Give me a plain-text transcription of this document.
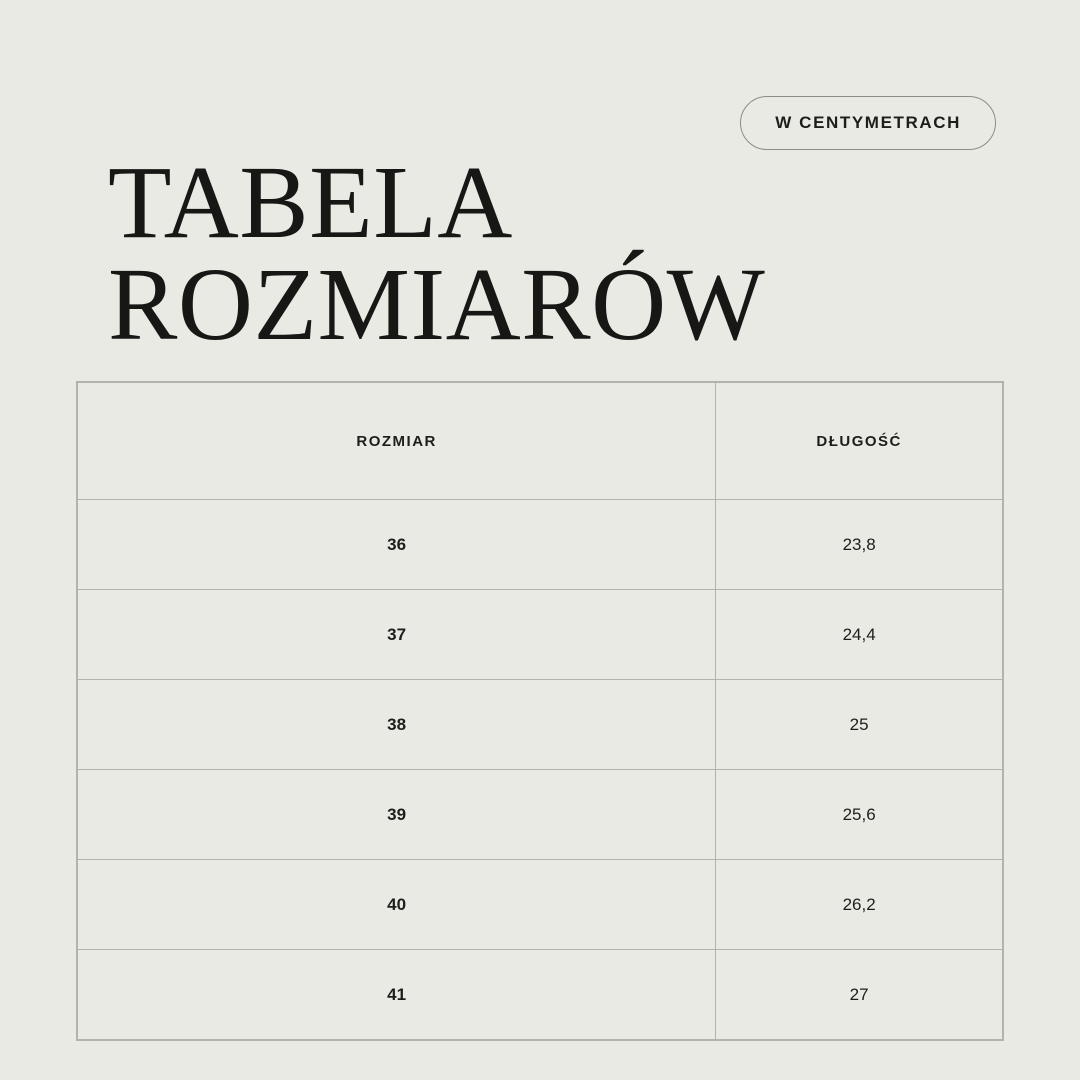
W CENTYMETRACH
TABELA
ROZMIARÓW
ROZMIAR	DŁUGOŚĆ
36	23,8
37	24,4
38	25
39	25,6
40	26,2
41	27
